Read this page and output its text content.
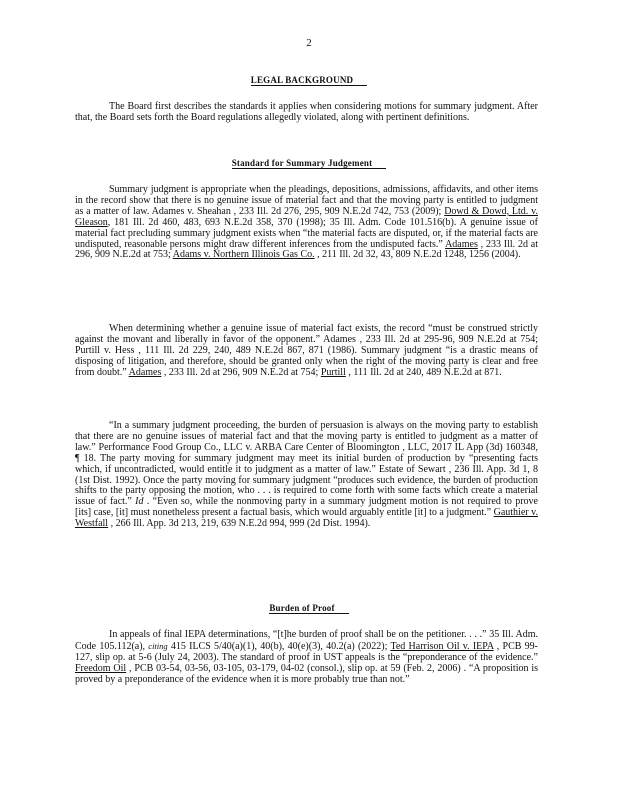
2
LEGAL BACKGROUND

The Board first describes the standards it applies when considering motions for summary judgment. After that, the Board sets forth the Board regulations allegedly violated, along with pertinent definitions.

Standard for Summary Judgement

Summary judgment is appropriate when the pleadings, depositions, admissions, affidavits, and other items in the record show that there is no genuine issue of material fact and that the moving party is entitled to judgment as a matter of law. Adames v. Sheahan , 233 Ill. 2d 276, 295, 909 N.E.2d 742, 753 (2009); Dowd & Dowd, Ltd. v. Gleason, 181 Ill. 2d 460, 483, 693 N.E.2d 358, 370 (1998); 35 Ill. Adm. Code 101.516(b). A genuine issue of material fact precluding summary judgment exists when “the material facts are disputed, or, if the material facts are undisputed, reasonable persons might draw different inferences from the undisputed facts.” Adames , 233 Ill. 2d at 296, 909 N.E.2d at 753; Adams v. Northern Illinois Gas Co. , 211 Ill. 2d 32, 43, 809 N.E.2d 1248, 1256 (2004).

When determining whether a genuine issue of material fact exists, the record “must be construed strictly against the movant and liberally in favor of the opponent.” Adames , 233 Ill. 2d at 295-96, 909 N.E.2d at 754; Purtill v. Hess , 111 Ill. 2d 229, 240, 489 N.E.2d 867, 871 (1986). Summary judgment “is a drastic means of disposing of litigation, and therefore, should be granted only when the right of the moving party is clear and free from doubt.” Adames , 233 Ill. 2d at 296, 909 N.E.2d at 754; Purtill , 111 Ill. 2d at 240, 489 N.E.2d at 871.

“In a summary judgment proceeding, the burden of persuasion is always on the moving party to establish that there are no genuine issues of material fact and that the moving party is entitled to judgment as a matter of law.” Performance Food Group Co., LLC v. ARBA Care Center of Bloomington , LLC, 2017 IL App (3d) 160348, ¶ 18. The party moving for summary judgment may meet its initial burden of production by “presenting facts which, if uncontradicted, would entitle it to judgment as a matter of law.” Estate of Sewart , 236 Ill. App. 3d 1, 8 (1st Dist. 1992). Once the party moving for summary judgment “produces such evidence, the burden of production shifts to the party opposing the motion, who . . . is required to come forth with some facts which create a material issue of fact.” Id . “Even so, while the nonmoving party in a summary judgment motion is not required to prove [its] case, [it] must nonetheless present a factual basis, which would arguably entitle [it] to a judgment.” Gauthier v. Westfall , 266 Ill. App. 3d 213, 219, 639 N.E.2d 994, 999 (2d Dist. 1994).

Burden of Proof

In appeals of final IEPA determinations, “[t]he burden of proof shall be on the petitioner. . . .” 35 Ill. Adm. Code 105.112(a), citing 415 ILCS 5/40(a)(1), 40(b), 40(e)(3), 40.2(a) (2022); Ted Harrison Oil v. IEPA , PCB 99-127, slip op. at 5-6 (July 24, 2003). The standard of proof in UST appeals is the “preponderance of the evidence.” Freedom Oil , PCB 03-54, 03-56, 03-105, 03-179, 04-02 (consol.), slip op. at 59 (Feb. 2, 2006) . “A proposition is proved by a preponderance of the evidence when it is more probably true than not.”
